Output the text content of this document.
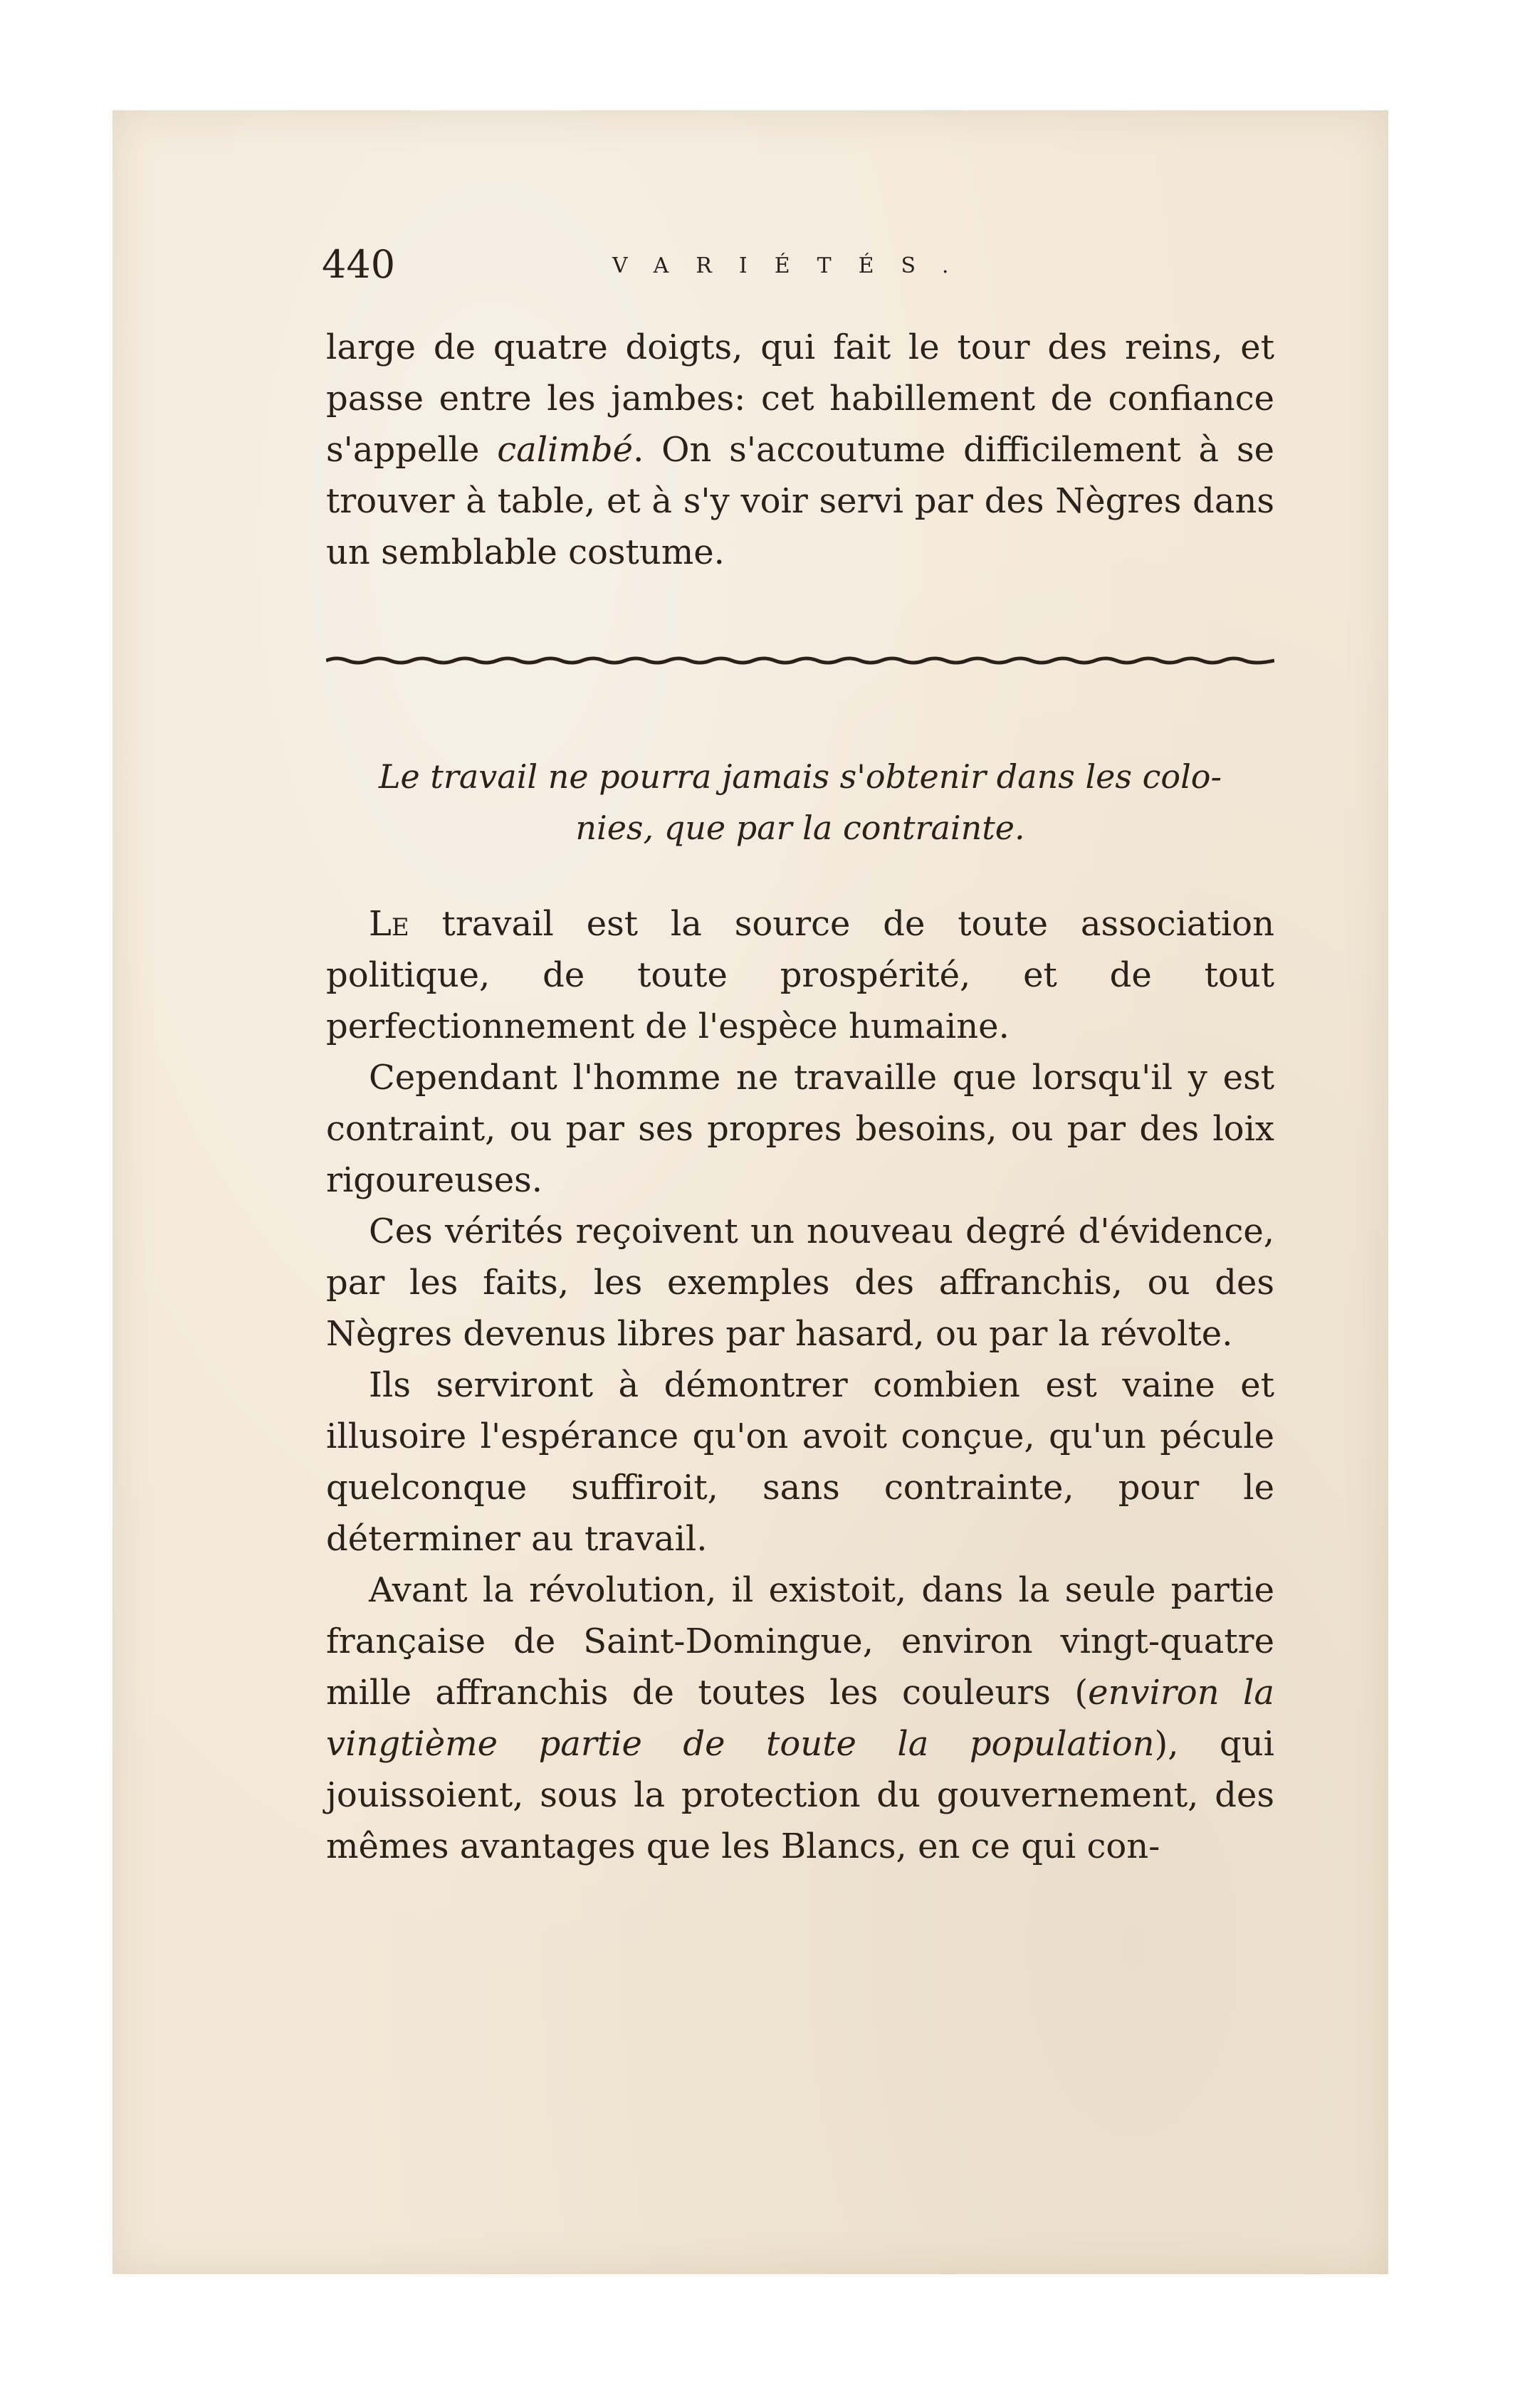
440	VARIÉTÉS.

large de quatre doigts, qui fait le tour des reins, et passe entre les jambes: cet habillement de confiance s'appelle calimbé. On s'accoutume difficilement à se trouver à table, et à s'y voir servi par des Nègres dans un semblable costume.

Le travail ne pourra jamais s'obtenir dans les colo-
nies, que par la contrainte.

Le travail est la source de toute association politique, de toute prospérité, et de tout perfectionnement de l'espèce humaine.

Cependant l'homme ne travaille que lorsqu'il y est contraint, ou par ses propres besoins, ou par des loix rigoureuses.

Ces vérités reçoivent un nouveau degré d'évidence, par les faits, les exemples des affranchis, ou des Nègres devenus libres par hasard, ou par la révolte.

Ils serviront à démontrer combien est vaine et illusoire l'espérance qu'on avoit conçue, qu'un pécule quelconque suffiroit, sans contrainte, pour le déterminer au travail.

Avant la révolution, il existoit, dans la seule partie française de Saint-Domingue, environ vingt-quatre mille affranchis de toutes les couleurs (environ la vingtième partie de toute la population), qui jouissoient, sous la protection du gouvernement, des mêmes avantages que les Blancs, en ce qui con-
